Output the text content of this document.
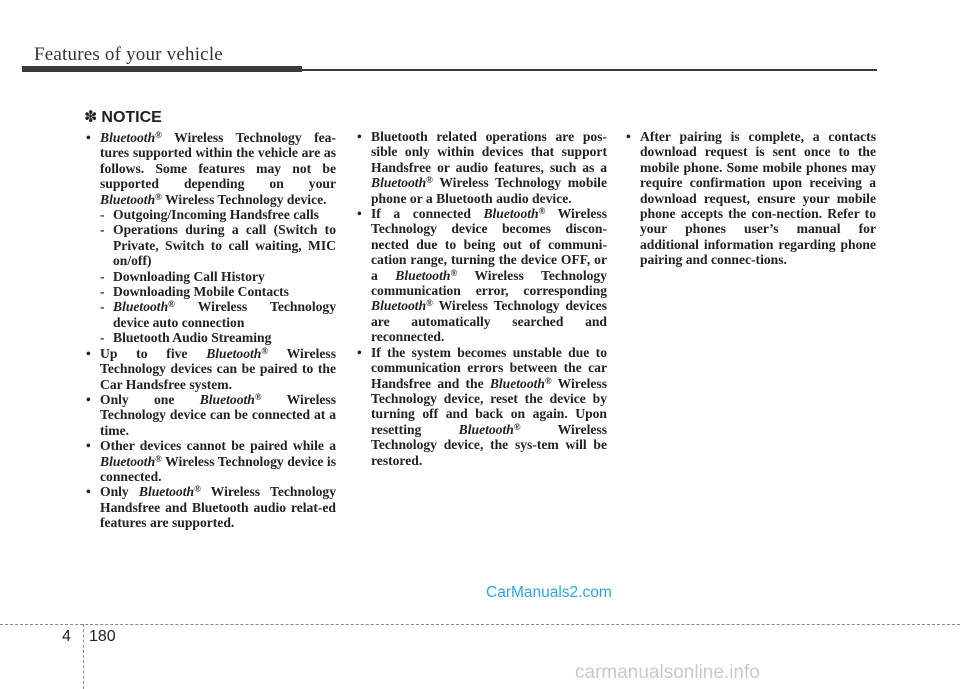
Features of your vehicle
✽ NOTICE
• Bluetooth® Wireless Technology fea-tures supported within the vehicle are as follows. Some features may not be supported depending on your Bluetooth® Wireless Technology device.
- Outgoing/Incoming Handsfree calls
- Operations during a call (Switch to Private, Switch to call waiting, MIC on/off)
- Downloading Call History
- Downloading Mobile Contacts
- Bluetooth® Wireless Technology device auto connection
- Bluetooth Audio Streaming
• Up to five Bluetooth® Wireless Technology devices can be paired to the Car Handsfree system.
• Only one Bluetooth® Wireless Technology device can be connected at a time.
• Other devices cannot be paired while a Bluetooth® Wireless Technology device is connected.
• Only Bluetooth® Wireless Technology Handsfree and Bluetooth audio relat-ed features are supported.
• Bluetooth related operations are pos-sible only within devices that support Handsfree or audio features, such as a Bluetooth® Wireless Technology mobile phone or a Bluetooth audio device.
• If a connected Bluetooth® Wireless Technology device becomes discon-nected due to being out of communi-cation range, turning the device OFF, or a Bluetooth® Wireless Technology communication error, corresponding Bluetooth® Wireless Technology devices are automatically searched and reconnected.
• If the system becomes unstable due to communication errors between the car Handsfree and the Bluetooth® Wireless Technology device, reset the device by turning off and back on again. Upon resetting Bluetooth® Wireless Technology device, the sys-tem will be restored.
• After pairing is complete, a contacts download request is sent once to the mobile phone. Some mobile phones may require confirmation upon receiving a download request, ensure your mobile phone accepts the con-nection. Refer to your phones user’s manual for additional information regarding phone pairing and connec-tions.
CarManuals2.com
4 180
carmanualsonline.info
